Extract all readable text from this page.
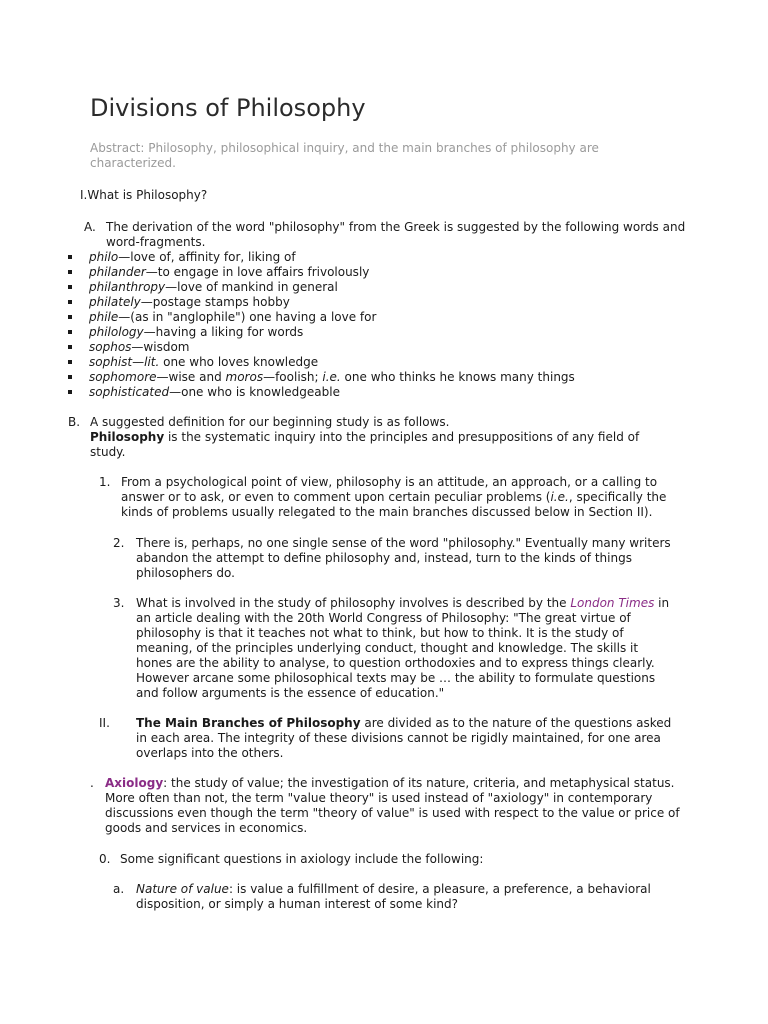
Divisions of Philosophy
Abstract: Philosophy, philosophical inquiry, and the main branches of philosophy are characterized.
I.What is Philosophy?
A. The derivation of the word "philosophy" from the Greek is suggested by the following words and word-fragments.
philo—love of, affinity for, liking of
philander—to engage in love affairs frivolously
philanthropy—love of mankind in general
philately—postage stamps hobby
phile—(as in "anglophile") one having a love for
philology—having a liking for words
sophos—wisdom
sophist—lit. one who loves knowledge
sophomore—wise and moros—foolish; i.e. one who thinks he knows many things
sophisticated—one who is knowledgeable
B. A suggested definition for our beginning study is as follows.
Philosophy is the systematic inquiry into the principles and presuppositions of any field of study.
1. From a psychological point of view, philosophy is an attitude, an approach, or a calling to answer or to ask, or even to comment upon certain peculiar problems (i.e., specifically the kinds of problems usually relegated to the main branches discussed below in Section II).
2. There is, perhaps, no one single sense of the word "philosophy." Eventually many writers abandon the attempt to define philosophy and, instead, turn to the kinds of things philosophers do.
3. What is involved in the study of philosophy involves is described by the London Times in an article dealing with the 20th World Congress of Philosophy: "The great virtue of philosophy is that it teaches not what to think, but how to think. It is the study of meaning, of the principles underlying conduct, thought and knowledge. The skills it hones are the ability to analyse, to question orthodoxies and to express things clearly. However arcane some philosophical texts may be … the ability to formulate questions and follow arguments is the essence of education."
II. The Main Branches of Philosophy are divided as to the nature of the questions asked in each area. The integrity of these divisions cannot be rigidly maintained, for one area overlaps into the others.
. Axiology: the study of value; the investigation of its nature, criteria, and metaphysical status. More often than not, the term "value theory" is used instead of "axiology" in contemporary discussions even though the term "theory of value" is used with respect to the value or price of goods and services in economics.
0. Some significant questions in axiology include the following:
a. Nature of value: is value a fulfillment of desire, a pleasure, a preference, a behavioral disposition, or simply a human interest of some kind?
